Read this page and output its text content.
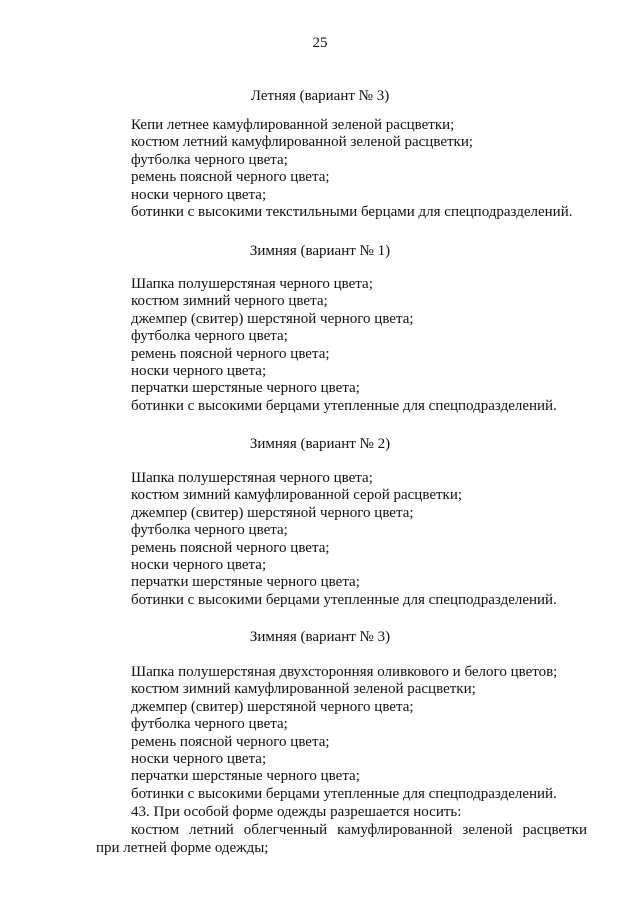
25
Летняя (вариант № 3)
Кепи летнее камуфлированной зеленой расцветки;
костюм летний камуфлированной зеленой расцветки;
футболка черного цвета;
ремень поясной черного цвета;
носки черного цвета;
ботинки с высокими текстильными берцами для спецподразделений.
Зимняя (вариант № 1)
Шапка полушерстяная черного цвета;
костюм зимний черного цвета;
джемпер (свитер) шерстяной черного цвета;
футболка черного цвета;
ремень поясной черного цвета;
носки черного цвета;
перчатки шерстяные черного цвета;
ботинки с высокими берцами утепленные для спецподразделений.
Зимняя (вариант № 2)
Шапка полушерстяная черного цвета;
костюм зимний камуфлированной серой расцветки;
джемпер (свитер) шерстяной черного цвета;
футболка черного цвета;
ремень поясной черного цвета;
носки черного цвета;
перчатки шерстяные черного цвета;
ботинки с высокими берцами утепленные для спецподразделений.
Зимняя (вариант № 3)
Шапка полушерстяная двухсторонняя оливкового и белого цветов;
костюм зимний камуфлированной зеленой расцветки;
джемпер (свитер) шерстяной черного цвета;
футболка черного цвета;
ремень поясной черного цвета;
носки черного цвета;
перчатки шерстяные черного цвета;
ботинки с высокими берцами утепленные для спецподразделений.
43. При особой форме одежды разрешается носить:
костюм летний облегченный камуфлированной зеленой расцветки
при летней форме одежды;
